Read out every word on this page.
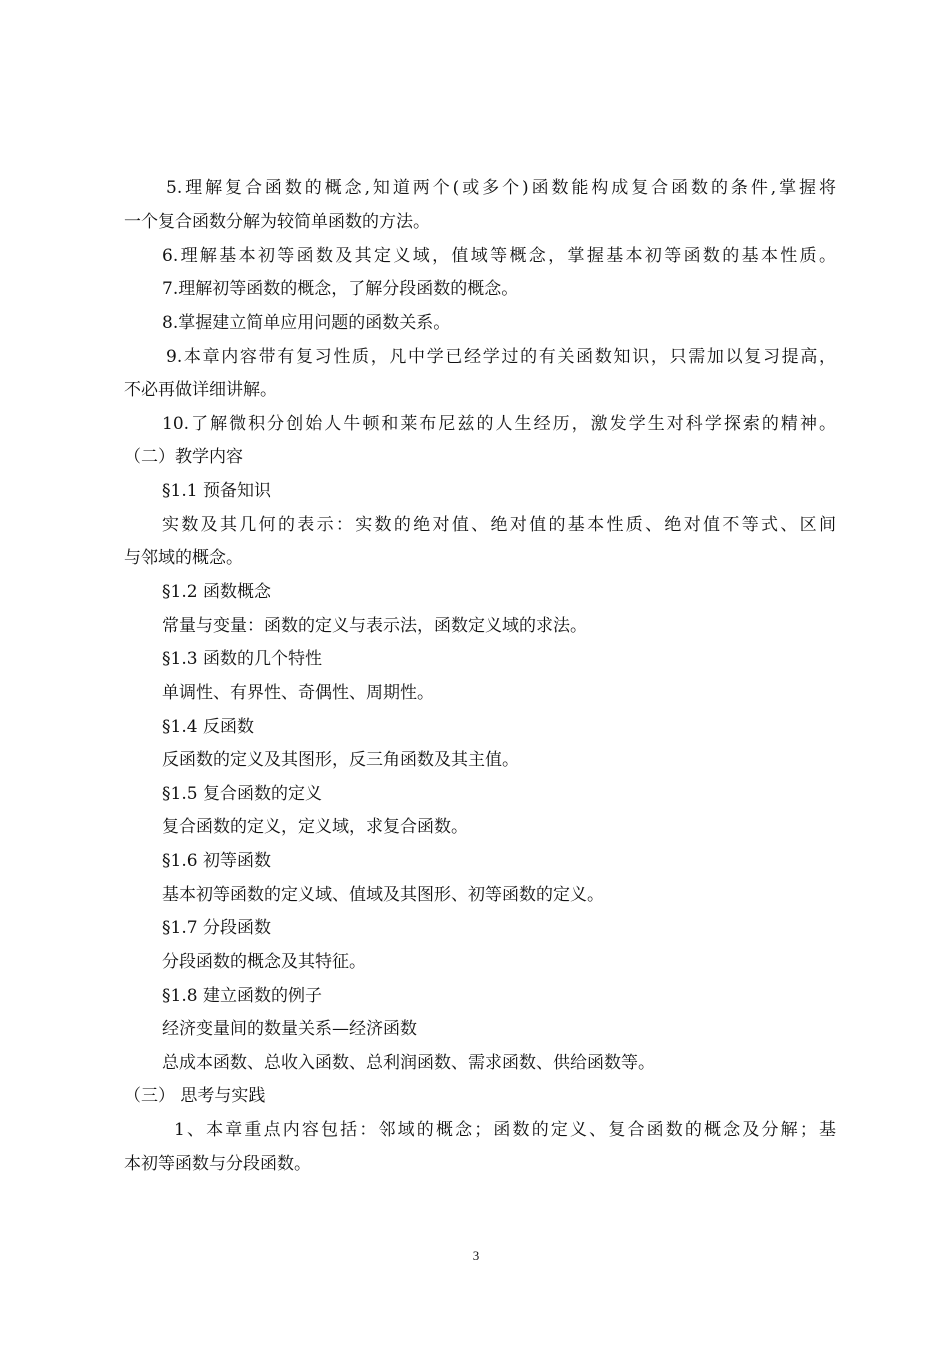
5.理解复合函数的概念,知道两个(或多个)函数能构成复合函数的条件,掌握将
一个复合函数分解为较简单函数的方法。
6.理解基本初等函数及其定义域，值域等概念，掌握基本初等函数的基本性质。
7.理解初等函数的概念，了解分段函数的概念。
8.掌握建立简单应用问题的函数关系。
9.本章内容带有复习性质，凡中学已经学过的有关函数知识，只需加以复习提高，
不必再做详细讲解。
10.了解微积分创始人牛顿和莱布尼兹的人生经历，激发学生对科学探索的精神。
（二）教学内容
§1.1 预备知识
实数及其几何的表示：实数的绝对值、绝对值的基本性质、绝对值不等式、区间
与邻域的概念。
§1.2 函数概念
常量与变量：函数的定义与表示法，函数定义域的求法。
§1.3 函数的几个特性
单调性、有界性、奇偶性、周期性。
§1.4 反函数
反函数的定义及其图形，反三角函数及其主值。
§1.5 复合函数的定义
复合函数的定义，定义域，求复合函数。
§1.6 初等函数
基本初等函数的定义域、值域及其图形、初等函数的定义。
§1.7 分段函数
分段函数的概念及其特征。
§1.8 建立函数的例子
经济变量间的数量关系—经济函数
总成本函数、总收入函数、总利润函数、需求函数、供给函数等。
（三） 思考与实践
1、本章重点内容包括：邻域的概念；函数的定义、复合函数的概念及分解；基
本初等函数与分段函数。
3
